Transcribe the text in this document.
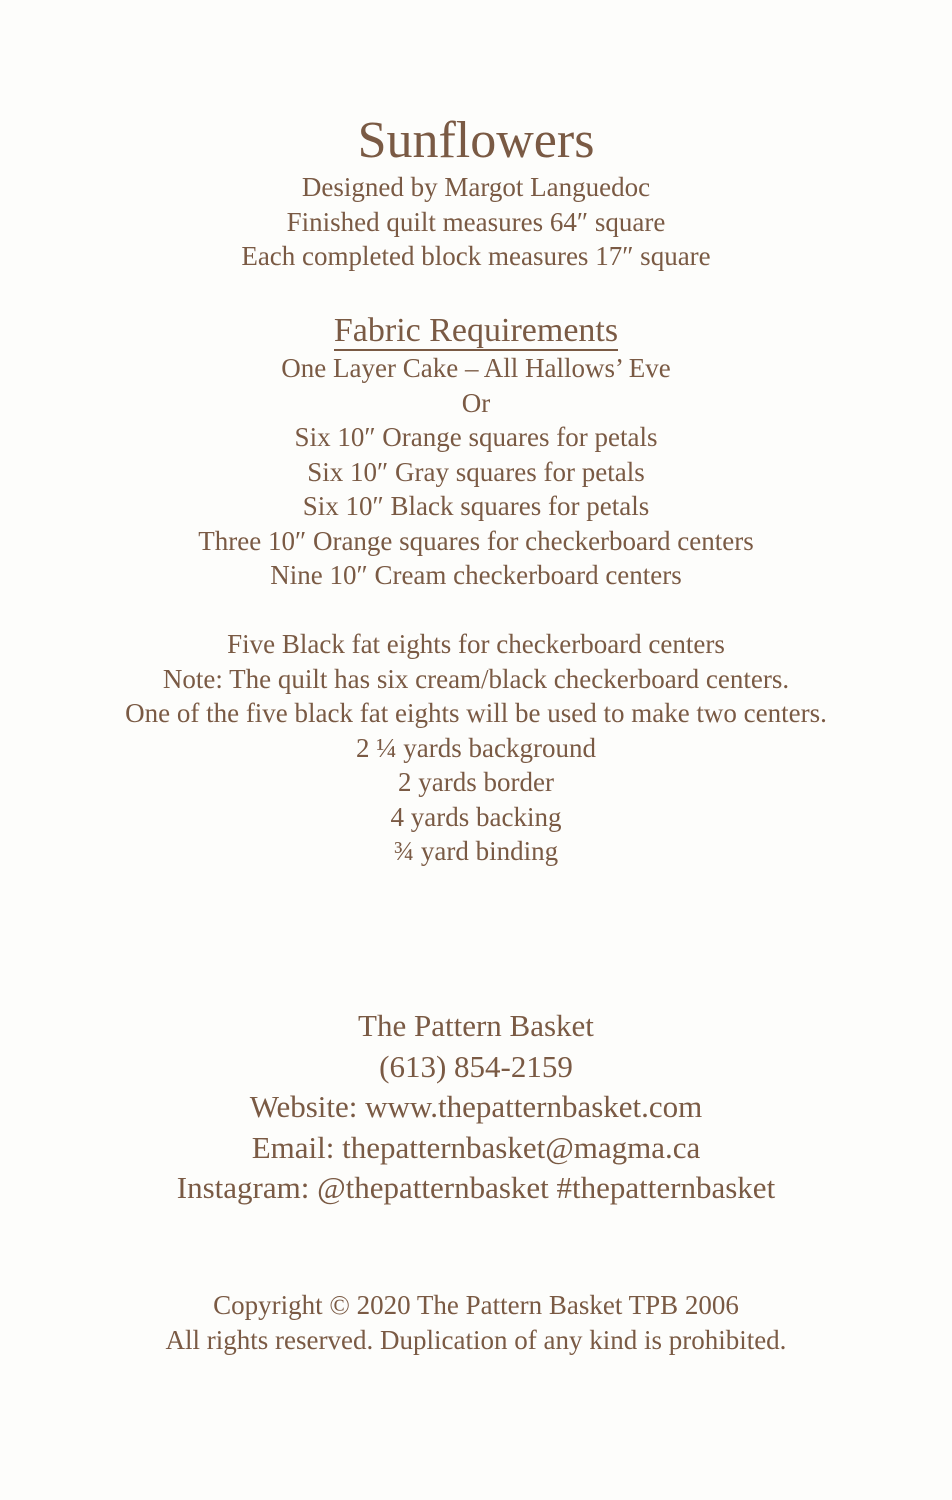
Sunflowers
Designed by Margot Languedoc
Finished quilt measures 64″ square
Each completed block measures 17″ square
Fabric Requirements
One Layer Cake – All Hallows’ Eve
Or
Six 10″ Orange squares for petals
Six 10″ Gray squares for petals
Six 10″ Black squares for petals
Three 10″ Orange squares for checkerboard centers
Nine 10″ Cream checkerboard centers
Five Black fat eights for checkerboard centers
Note: The quilt has six cream/black checkerboard centers.
One of the five black fat eights will be used to make two centers.
2 ¼ yards background
2 yards border
4 yards backing
¾ yard binding
The Pattern Basket
(613) 854-2159
Website: www.thepatternbasket.com
Email: thepatternbasket@magma.ca
Instagram: @thepatternbasket #thepatternbasket
Copyright © 2020 The Pattern Basket TPB 2006
All rights reserved. Duplication of any kind is prohibited.
